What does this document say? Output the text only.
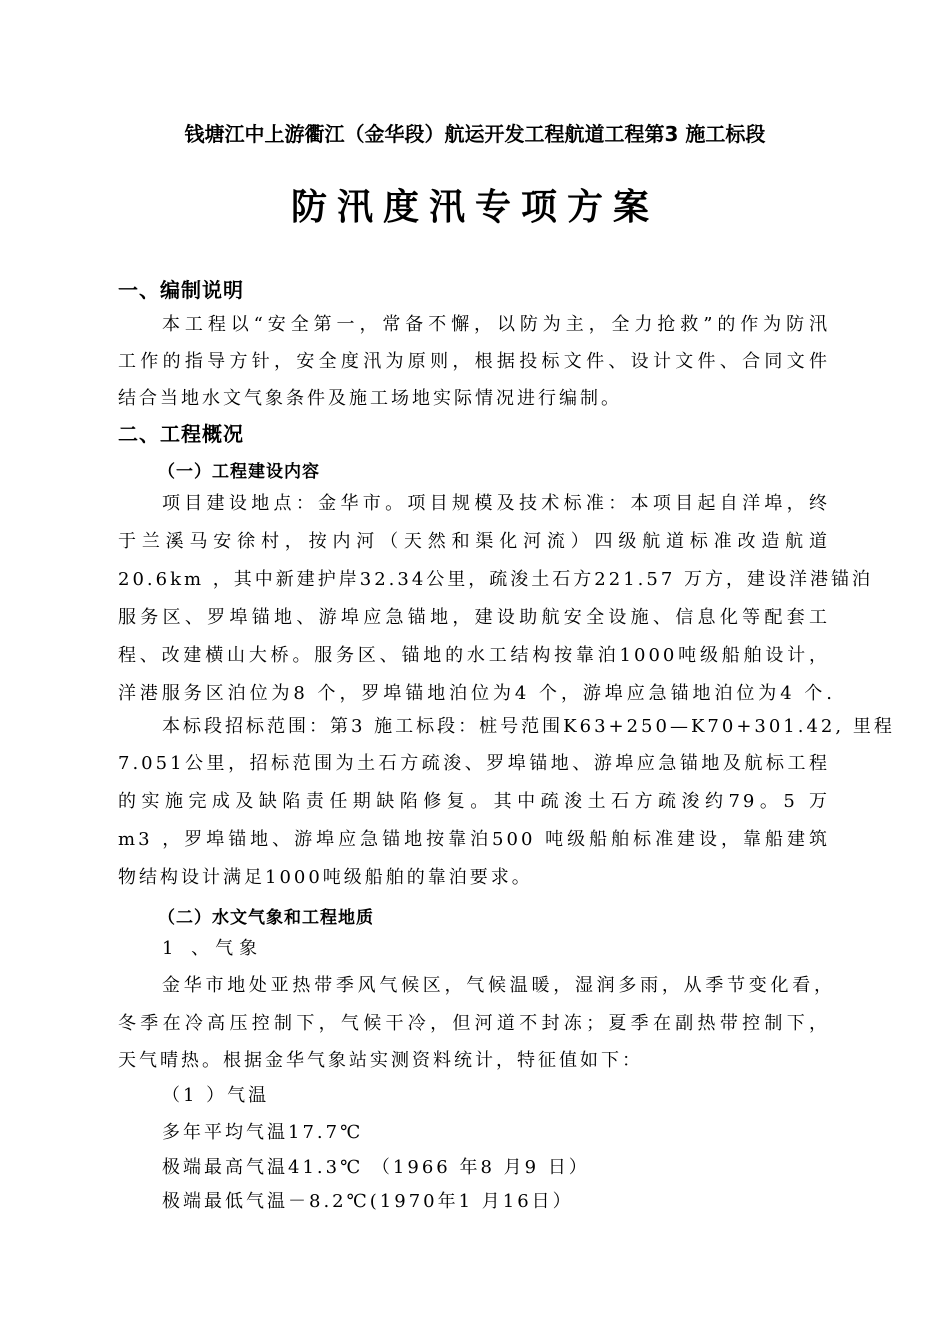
钱塘江中上游衢江（金华段）航运开发工程航道工程第3 施工标段
防汛度汛专项方案
一、编制说明
本工程以“安全第一，常备不懈，以防为主，全力抢救”的作为防汛
工作的指导方针，安全度汛为原则，根据投标文件、设计文件、合同文件
结合当地水文气象条件及施工场地实际情况进行编制。
二、工程概况
（一）工程建设内容
项目建设地点：金华市。项目规模及技术标准：本项目起自洋埠，终
于兰溪马安徐村，按内河（天然和渠化河流）四级航道标准改造航道
20.6km ，其中新建护岸32.34公里，疏浚土石方221.57 万方，建设洋港锚泊
服务区、罗埠锚地、游埠应急锚地，建设助航安全设施、信息化等配套工
程、改建横山大桥。服务区、锚地的水工结构按靠泊1000吨级船舶设计，
洋港服务区泊位为8 个，罗埠锚地泊位为4 个，游埠应急锚地泊位为4 个.
本标段招标范围：第3 施工标段：桩号范围K63+250—K70+301.42, 里程
7.051公里，招标范围为土石方疏浚、罗埠锚地、游埠应急锚地及航标工程
的实施完成及缺陷责任期缺陷修复。其中疏浚土石方疏浚约79。5 万
m3 ，罗埠锚地、游埠应急锚地按靠泊500 吨级船舶标准建设，靠船建筑
物结构设计满足1000吨级船舶的靠泊要求。
（二）水文气象和工程地质
1 、气象
金华市地处亚热带季风气候区，气候温暖，湿润多雨，从季节变化看，
冬季在冷高压控制下，气候干冷，但河道不封冻；夏季在副热带控制下，
天气晴热。根据金华气象站实测资料统计，特征值如下：
（1 ）气温
多年平均气温17.7℃
极端最高气温41.3℃ （1966 年8 月9 日）
极端最低气温－8.2℃(1970年1 月16日）
